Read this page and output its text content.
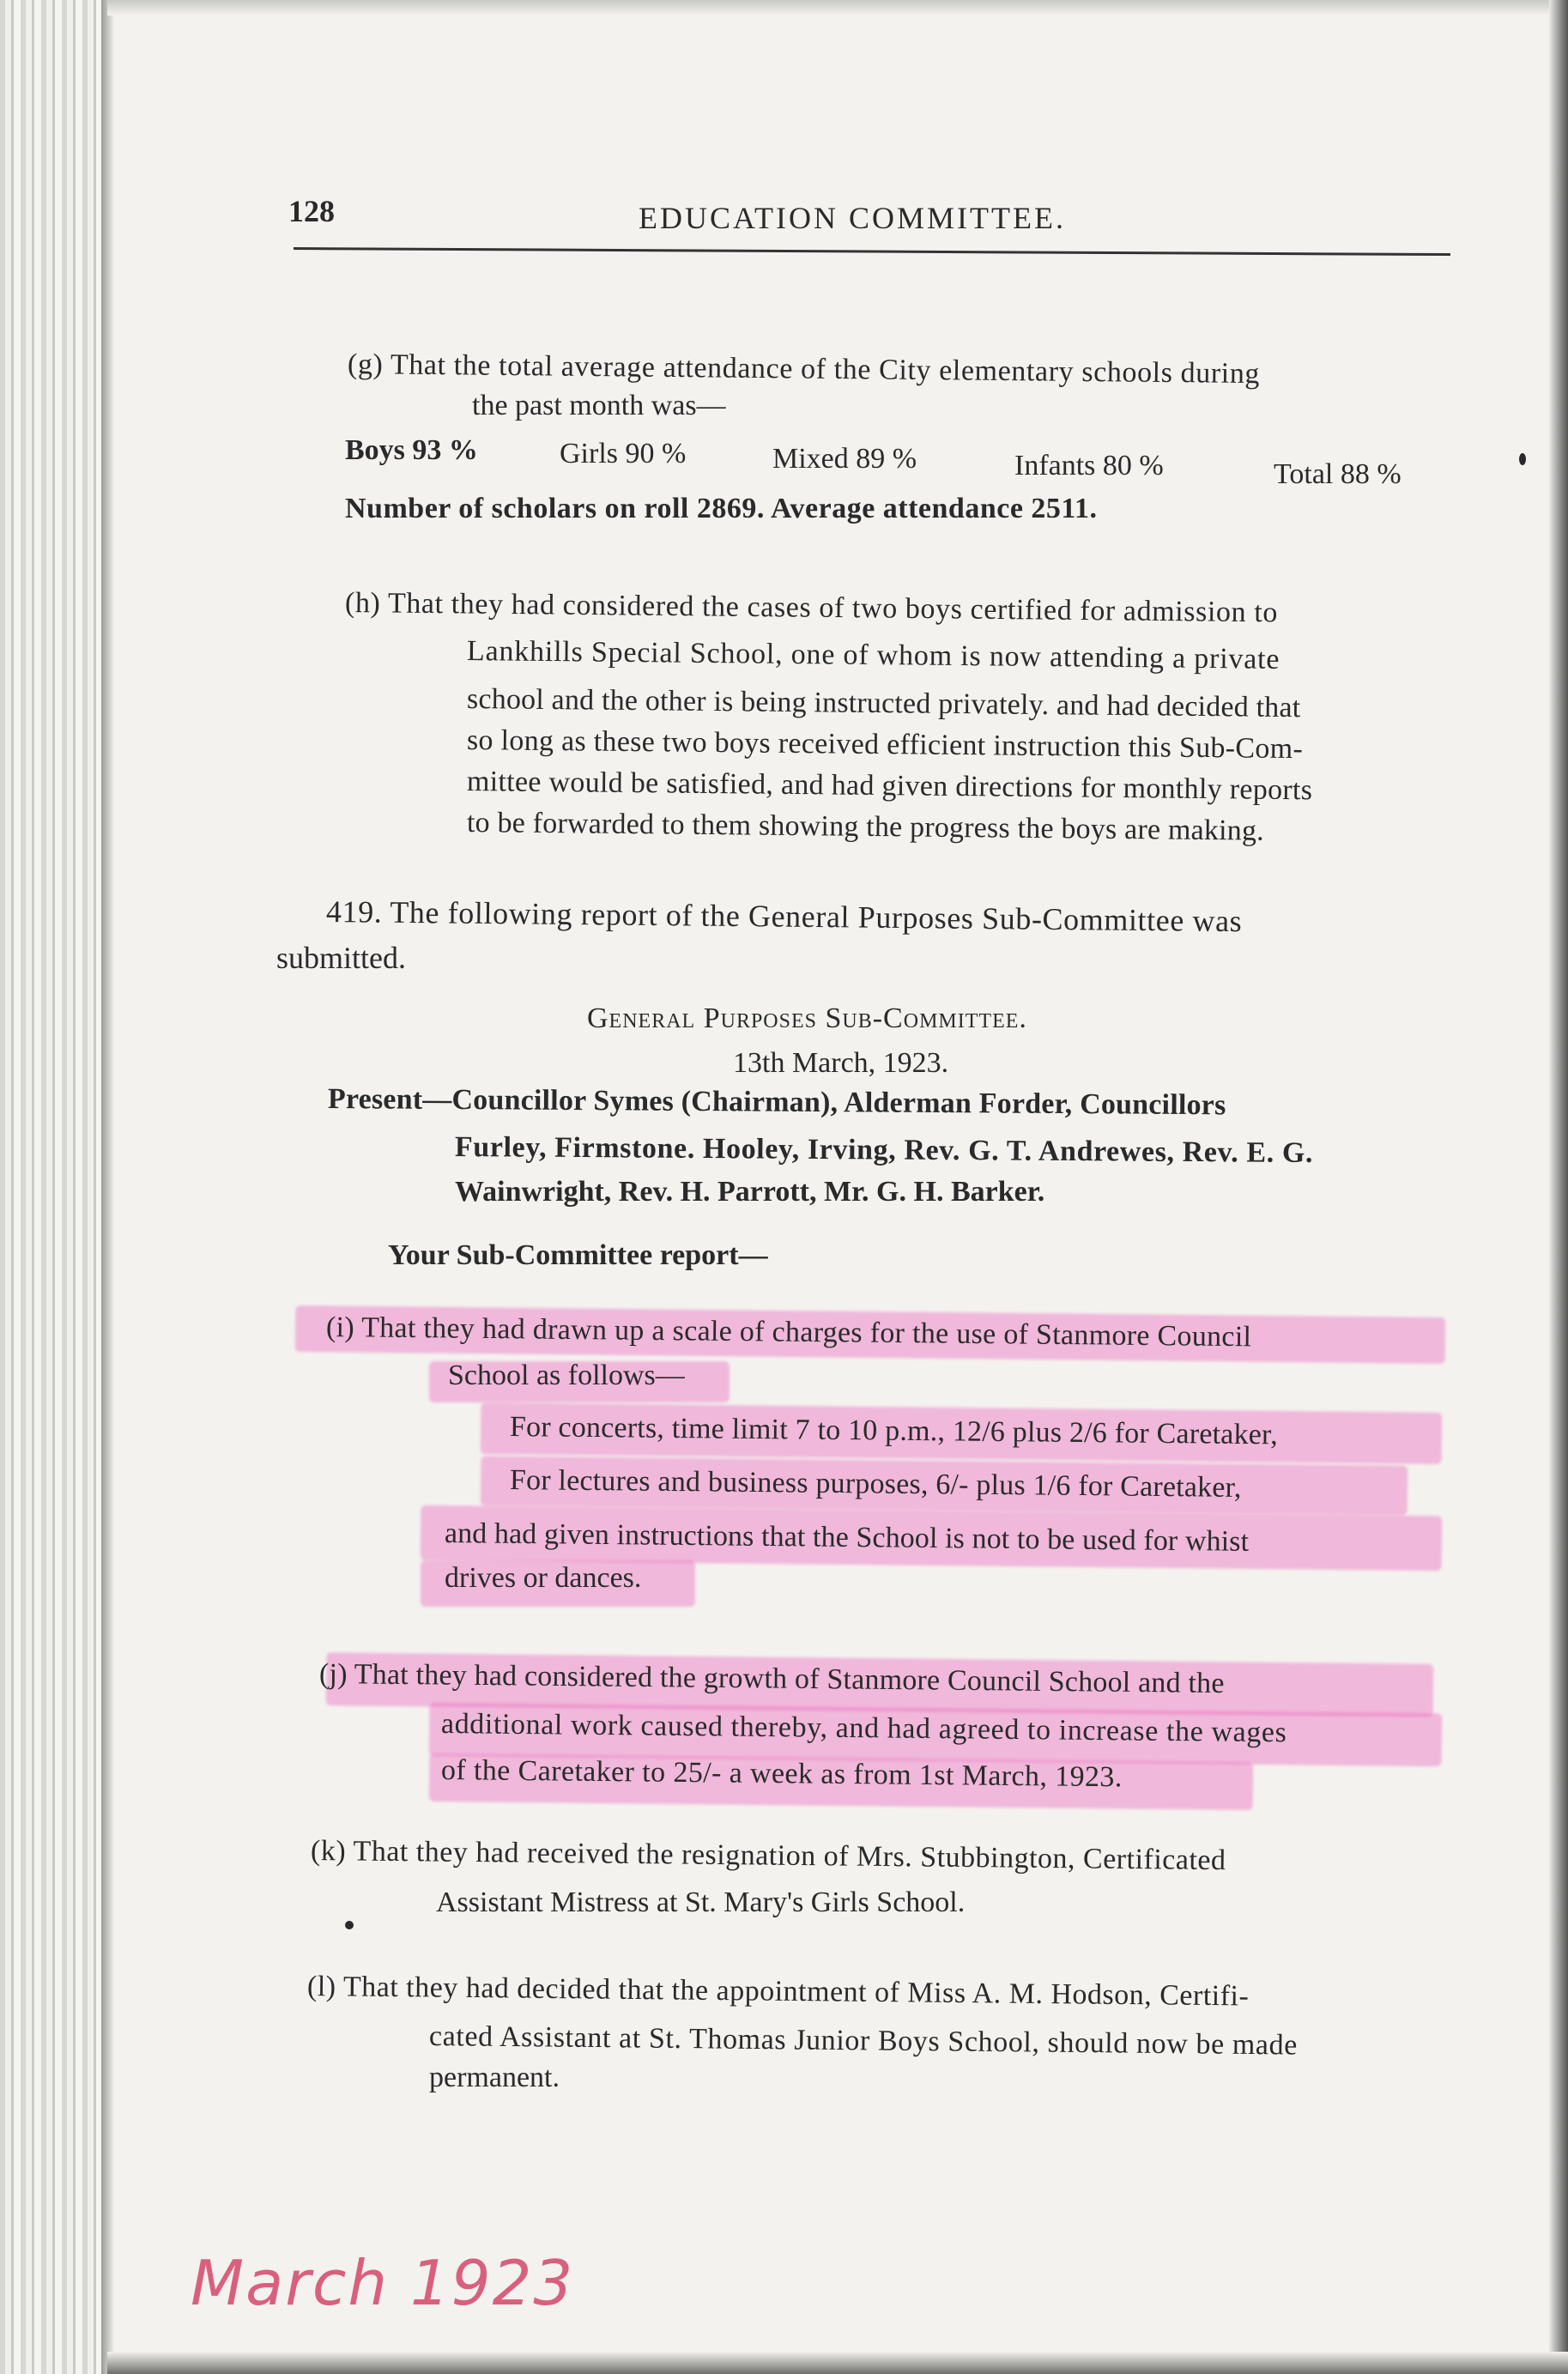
128	EDUCATION COMMITTEE.
(g) That the total average attendance of the City elementary schools during
the past month was—
Boys 93 %	Girls 90 %	Mixed 89 %	Infants 80 %	Total 88 %
Number of scholars on roll 2869. Average attendance 2511.
(h) That they had considered the cases of two boys certified for admission to
Lankhills Special School, one of whom is now attending a private
school and the other is being instructed privately. and had decided that
so long as these two boys received efficient instruction this Sub-Com-
mittee would be satisfied, and had given directions for monthly reports
to be forwarded to them showing the progress the boys are making.
419. The following report of the General Purposes Sub-Committee was
submitted.
General Purposes Sub-Committee.
13th March, 1923.
Present—Councillor Symes (Chairman), Alderman Forder, Councillors
Furley, Firmstone. Hooley, Irving, Rev. G. T. Andrewes, Rev. E. G.
Wainwright, Rev. H. Parrott, Mr. G. H. Barker.
Your Sub-Committee report—
(i) That they had drawn up a scale of charges for the use of Stanmore Council
School as follows—
For concerts, time limit 7 to 10 p.m., 12/6 plus 2/6 for Caretaker,
For lectures and business purposes, 6/- plus 1/6 for Caretaker,
and had given instructions that the School is not to be used for whist
drives or dances.
(j) That they had considered the growth of Stanmore Council School and the
additional work caused thereby, and had agreed to increase the wages
of the Caretaker to 25/- a week as from 1st March, 1923.
(k) That they had received the resignation of Mrs. Stubbington, Certificated
Assistant Mistress at St. Mary's Girls School.
(l) That they had decided that the appointment of Miss A. M. Hodson, Certifi-
cated Assistant at St. Thomas Junior Boys School, should now be made
permanent.
March 1923
